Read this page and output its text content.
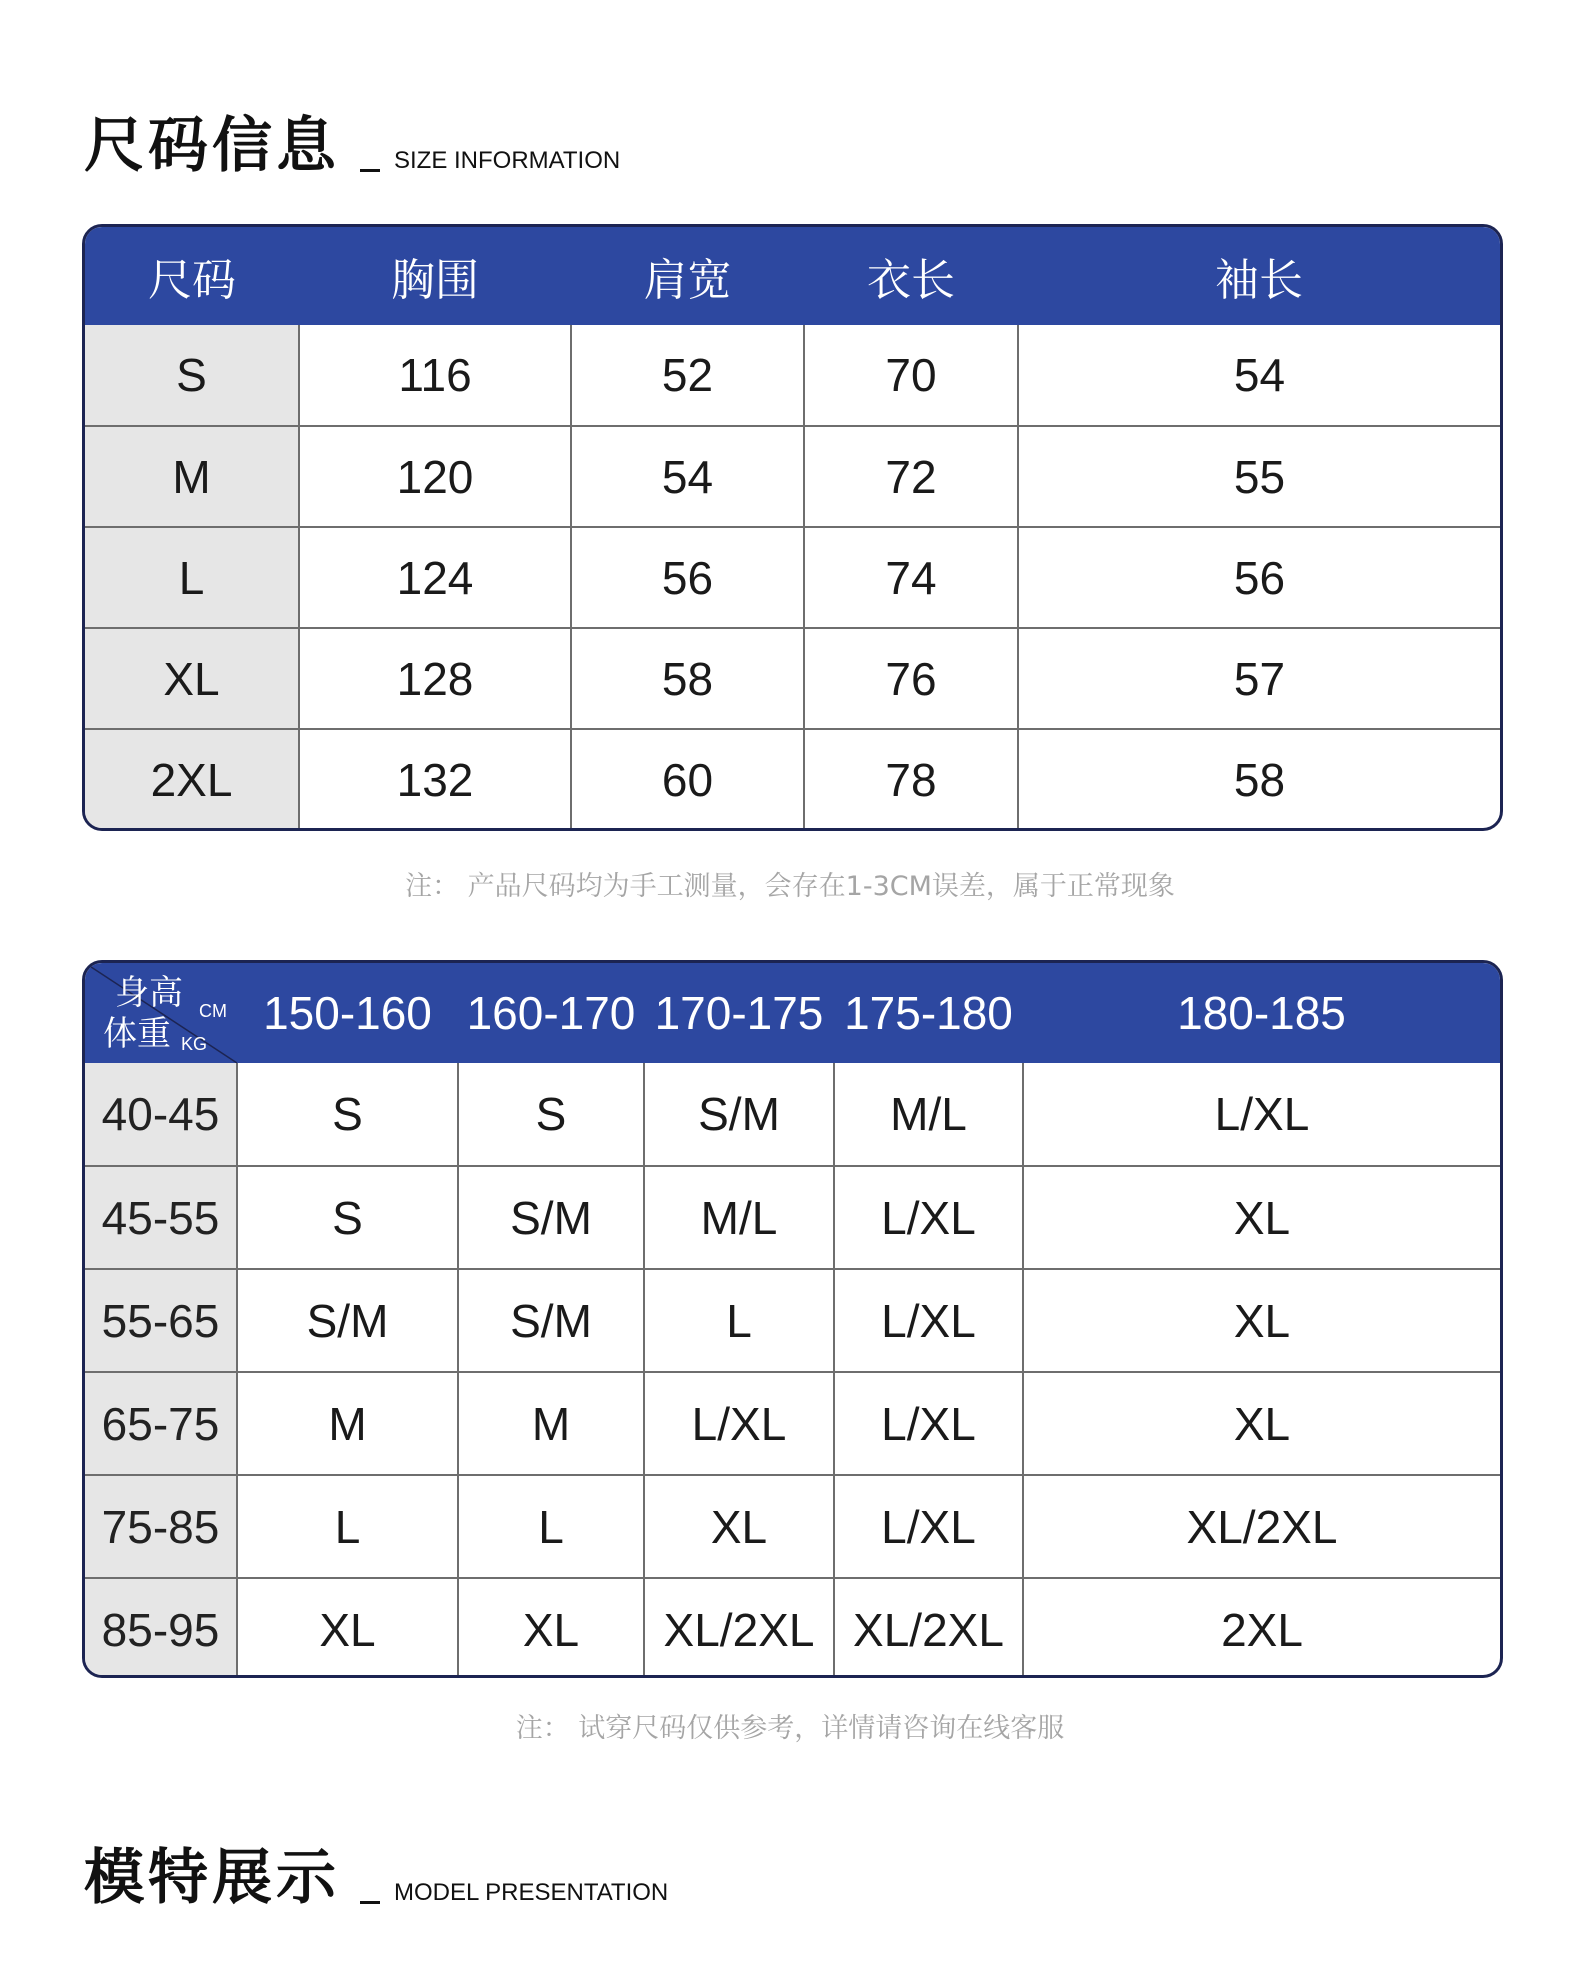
尺码信息 SIZE INFORMATION
尺码	胸围	肩宽	衣长	袖长
S	116	52	70	54
M	120	54	72	55
L	124	56	74	56
XL	128	58	76	57
2XL	132	60	78	58
注： 产品尺码均为手工测量，会存在1-3CM误差，属于正常现象
身高 CM
体重 KG	150-160	160-170	170-175	175-180	180-185
40-45	S	S	S/M	M/L	L/XL
45-55	S	S/M	M/L	L/XL	XL
55-65	S/M	S/M	L	L/XL	XL
65-75	M	M	L/XL	L/XL	XL
75-85	L	L	XL	L/XL	XL/2XL
85-95	XL	XL	XL/2XL	XL/2XL	2XL
注： 试穿尺码仅供参考，详情请咨询在线客服
模特展示 MODEL PRESENTATION
